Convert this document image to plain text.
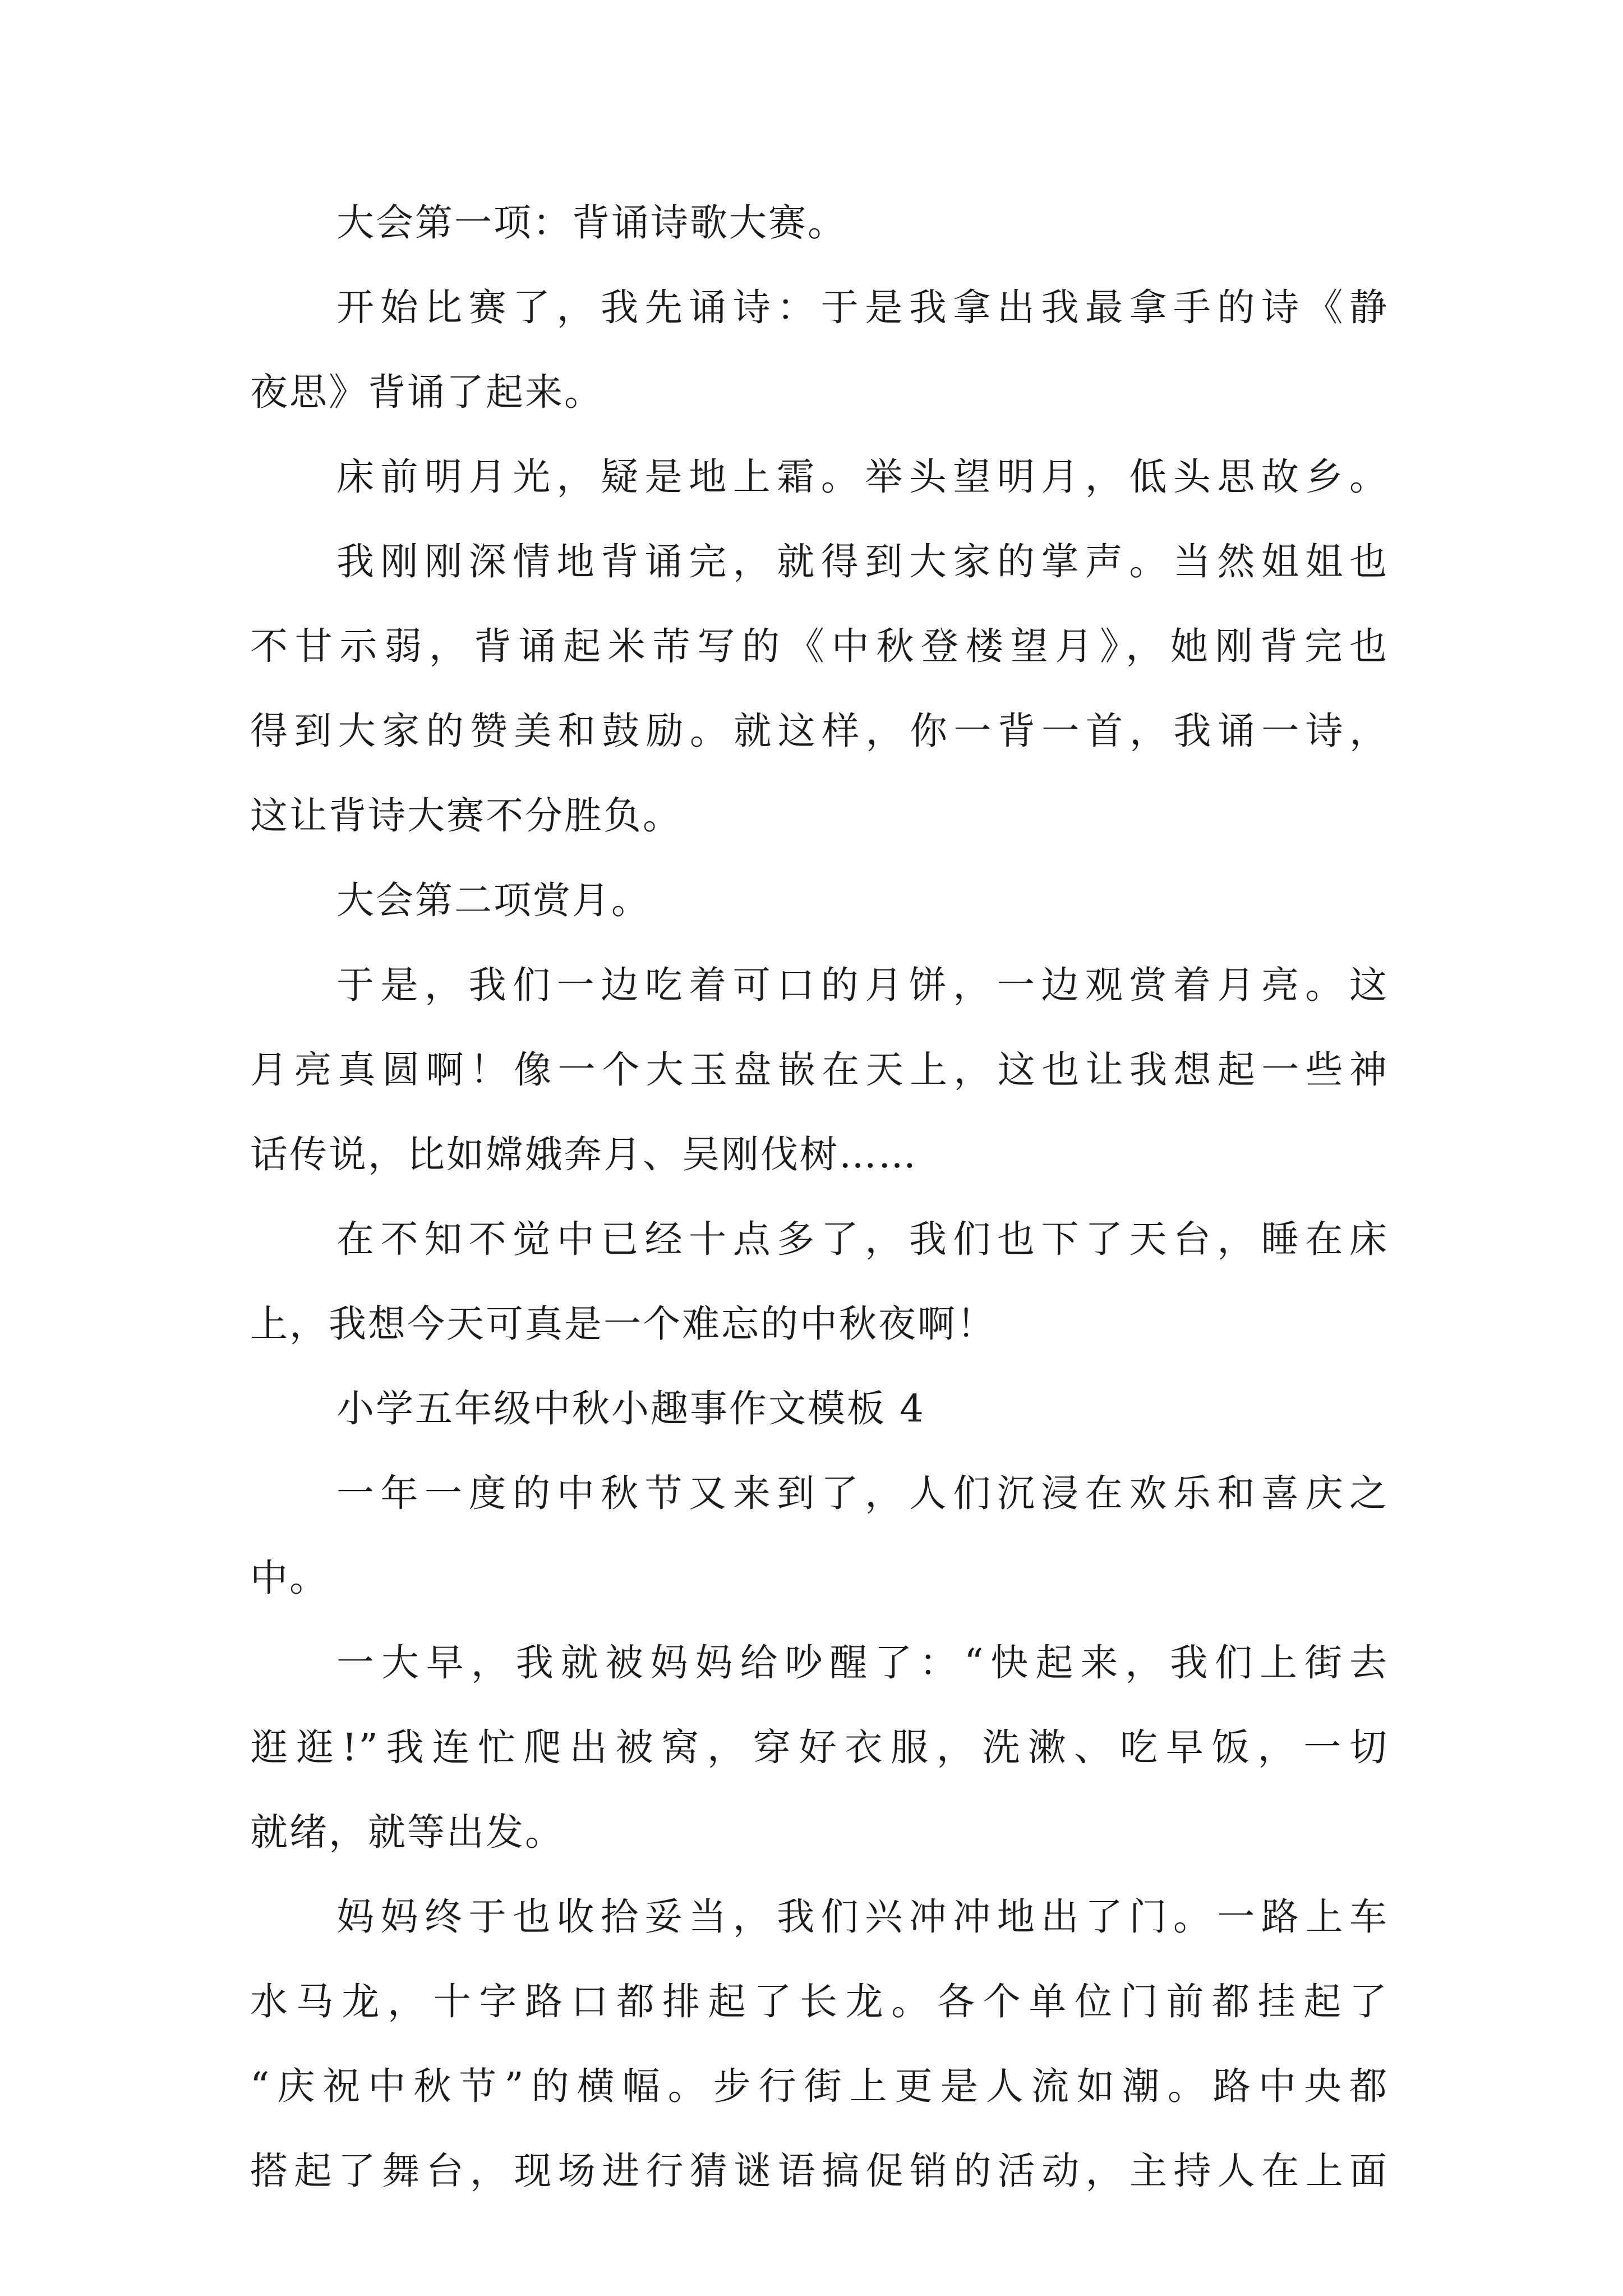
大会第一项：背诵诗歌大赛。
开始比赛了，我先诵诗：于是我拿出我最拿手的诗《静
夜思》背诵了起来。
床前明月光，疑是地上霜。举头望明月，低头思故乡。
我刚刚深情地背诵完，就得到大家的掌声。当然姐姐也
不甘示弱，背诵起米芾写的《中秋登楼望月》，她刚背完也
得到大家的赞美和鼓励。就这样，你一背一首，我诵一诗，
这让背诗大赛不分胜负。
大会第二项赏月。
于是，我们一边吃着可口的月饼，一边观赏着月亮。这
月亮真圆啊！像一个大玉盘嵌在天上，这也让我想起一些神
话传说，比如嫦娥奔月、吴刚伐树……
在不知不觉中已经十点多了，我们也下了天台，睡在床
上，我想今天可真是一个难忘的中秋夜啊！
小学五年级中秋小趣事作文模板 4
一年一度的中秋节又来到了，人们沉浸在欢乐和喜庆之
中。
一大早，我就被妈妈给吵醒了：“快起来，我们上街去
逛逛!”我连忙爬出被窝，穿好衣服，洗漱、吃早饭，一切
就绪，就等出发。
妈妈终于也收拾妥当，我们兴冲冲地出了门。一路上车
水马龙，十字路口都排起了长龙。各个单位门前都挂起了
“庆祝中秋节”的横幅。步行街上更是人流如潮。路中央都
搭起了舞台，现场进行猜谜语搞促销的活动，主持人在上面
